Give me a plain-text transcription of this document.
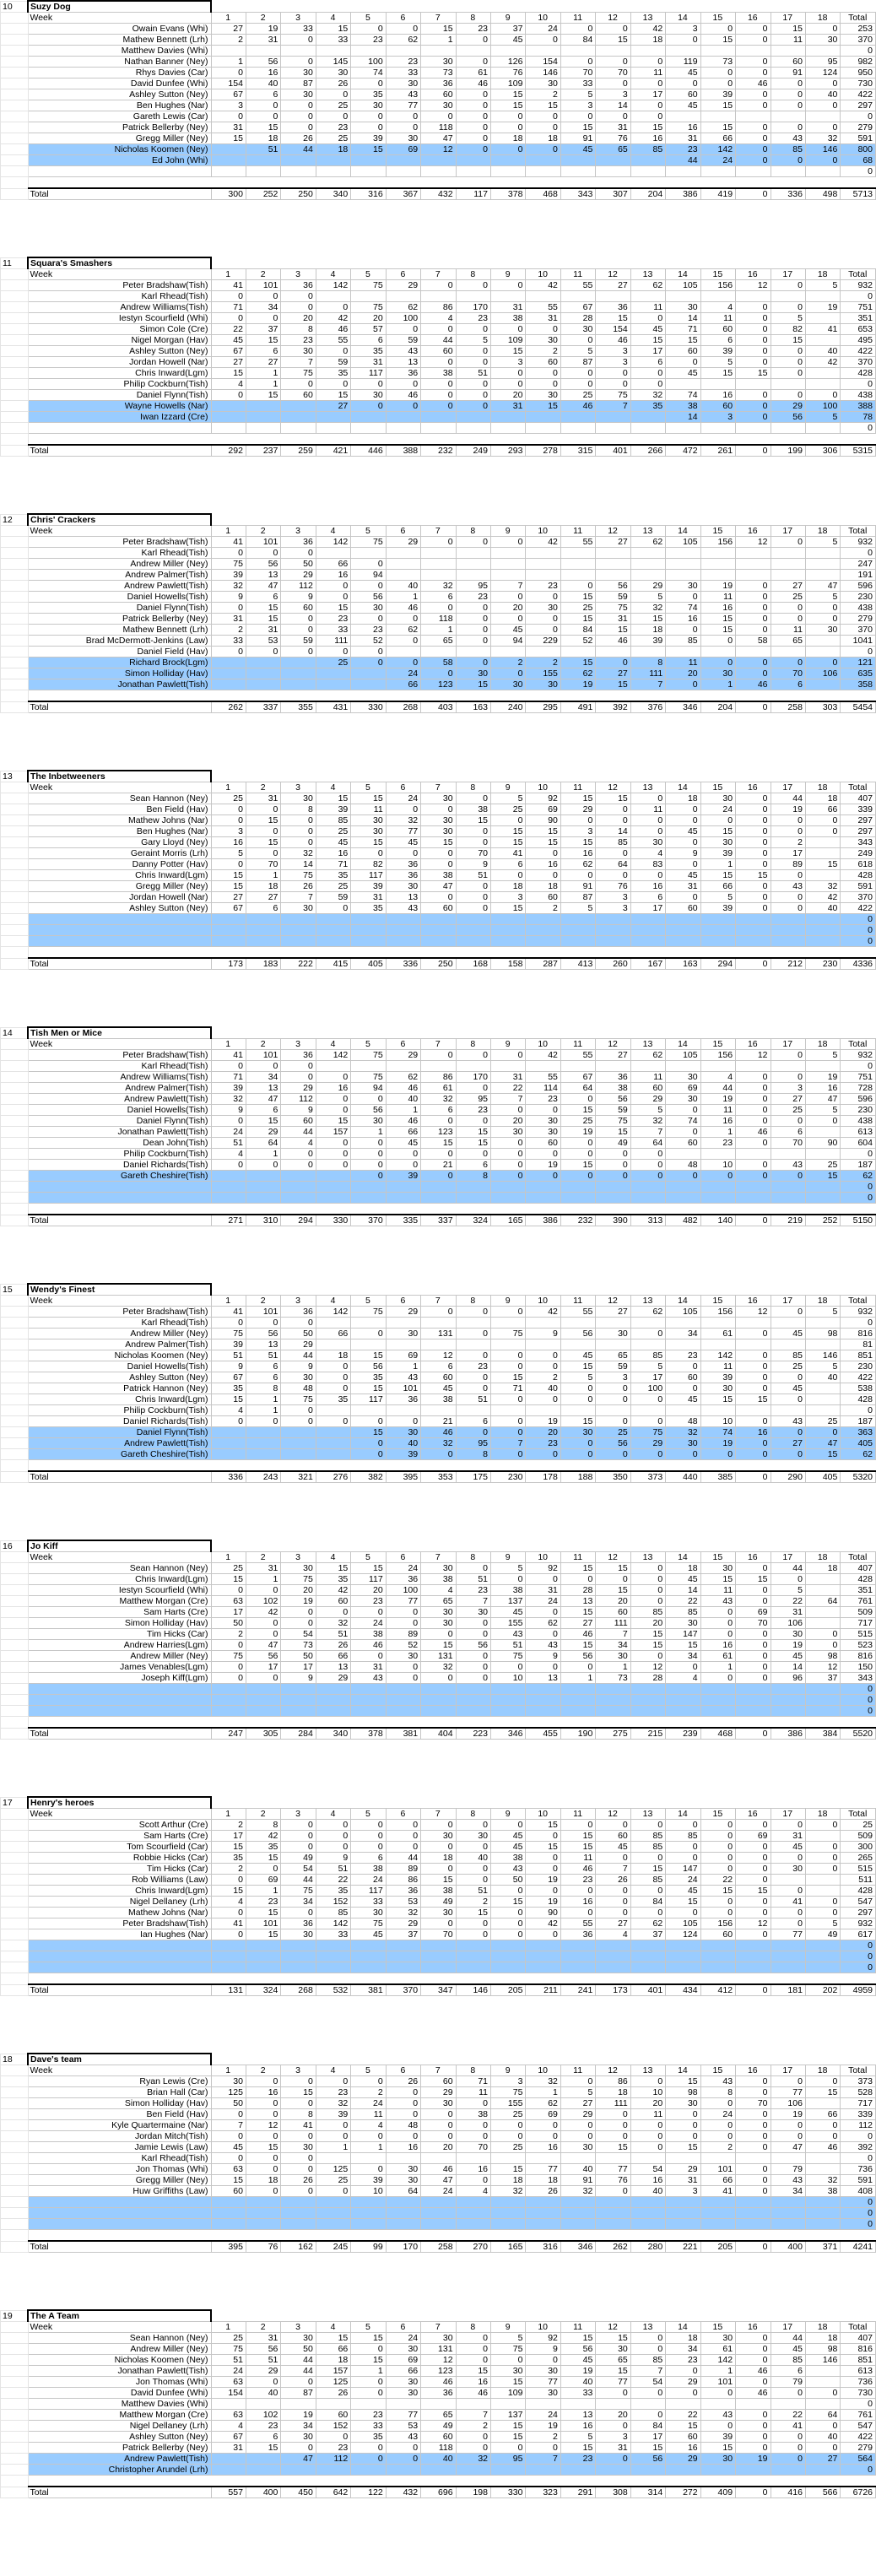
10	Suzy Dog																			
	Week	1	2	3	4	5	6	7	8	9	10	11	12	13	14	15	16	17	18	Total
	Owain Evans (Whi)	27	19	33	15	0	0	15	23	37	24	0	0	42	3	0	0	15	0	253
	Mathew Bennett (Lrh)	2	31	0	33	23	62	1	0	45	0	84	15	18	0	15	0	11	30	370
	Matthew Davies (Whi)																			0
	Nathan Banner (Ney)	1	56	0	145	100	23	30	0	126	154	0	0	0	119	73	0	60	95	982
	Rhys Davies (Car)	0	16	30	30	74	33	73	61	76	146	70	70	11	45	0	0	91	124	950
	David Dunfee (Whi)	154	40	87	26	0	30	36	46	109	30	33	0	0	0	0	46	0	0	730
	Ashley Sutton (Ney)	67	6	30	0	35	43	60	0	15	2	5	3	17	60	39	0	0	40	422
	Ben Hughes (Nar)	3	0	0	25	30	77	30	0	15	15	3	14	0	45	15	0	0	0	297
	Gareth Lewis (Car)	0	0	0	0	0	0	0	0	0	0	0	0	0						0
	Patrick Bellerby (Ney)	31	15	0	23	0	0	118	0	0	0	15	31	15	16	15	0	0	0	279
	Gregg Miller (Ney)	15	18	26	25	39	30	47	0	18	18	91	76	16	31	66	0	43	32	591
	Nicholas Koomen (Ney)		51	44	18	15	69	12	0	0	0	45	65	85	23	142	0	85	146	800
	Ed John (Whi)														44	24	0	0	0	68
																				0

	Total	300	252	250	340	316	367	432	117	378	468	343	307	204	386	419	0	336	498	5713
11	Squara's Smashers																			
	Week	1	2	3	4	5	6	7	8	9	10	11	12	13	14	15	16	17	18	Total
	Peter Bradshaw(Tish)	41	101	36	142	75	29	0	0	0	42	55	27	62	105	156	12	0	5	932
	Karl Rhead(Tish)	0	0	0																0
	Andrew Williams(Tish)	71	34	0	0	75	62	86	170	31	55	67	36	11	30	4	0	0	19	751
	Iestyn Scourfield (Whi)	0	0	20	42	20	100	4	23	38	31	28	15	0	14	11	0	5		351
	Simon Cole (Cre)	22	37	8	46	57	0	0	0	0	0	30	154	45	71	60	0	82	41	653
	Nigel Morgan (Hav)	45	15	23	55	6	59	44	5	109	30	0	46	15	15	6	0	15		495
	Ashley Sutton (Ney)	67	6	30	0	35	43	60	0	15	2	5	3	17	60	39	0	0	40	422
	Jordan Howell (Nar)	27	27	7	59	31	13	0	0	3	60	87	3	6	0	5	0	0	42	370
	Chris Inward(Lgm)	15	1	75	35	117	36	38	51	0	0	0	0	0	45	15	15	0		428
	Philip Cockburn(Tish)	4	1	0	0	0	0	0	0	0	0	0	0	0						0
	Daniel Flynn(Tish)	0	15	60	15	30	46	0	0	20	30	25	75	32	74	16	0	0	0	438
	Wayne Howells (Nar)				27	0	0	0	0	31	15	46	7	35	38	60	0	29	100	388
	Iwan Izzard (Cre)														14	3	0	56	5	78
																				0

	Total	292	237	259	421	446	388	232	249	293	278	315	401	266	472	261	0	199	306	5315
12	Chris' Crackers																			
	Week	1	2	3	4	5	6	7	8	9	10	11	12	13	14	15	16	17	18	Total
	Peter Bradshaw(Tish)	41	101	36	142	75	29	0	0	0	42	55	27	62	105	156	12	0	5	932
	Karl Rhead(Tish)	0	0	0																0
	Andrew Miller (Ney)	75	56	50	66	0														247
	Andrew Palmer(Tish)	39	13	29	16	94														191
	Andrew Pawlett(Tish)	32	47	112	0	0	40	32	95	7	23	0	56	29	30	19	0	27	47	596
	Daniel Howells(Tish)	9	6	9	0	56	1	6	23	0	0	15	59	5	0	11	0	25	5	230
	Daniel Flynn(Tish)	0	15	60	15	30	46	0	0	20	30	25	75	32	74	16	0	0	0	438
	Patrick Bellerby (Ney)	31	15	0	23	0	0	118	0	0	0	15	31	15	16	15	0	0	0	279
	Mathew Bennett (Lrh)	2	31	0	33	23	62	1	0	45	0	84	15	18	0	15	0	11	30	370
	Brad McDermott-Jenkins (Law)	33	53	59	111	52	0	65	0	94	229	52	46	39	85	0	58	65		1041
	Daniel Field (Hav)	0	0	0	0	0														0
	Richard Brock(Lgm)				25	0	0	58	0	2	2	15	0	8	11	0	0	0	0	121
	Simon Holliday (Hav)						24	0	30	0	155	62	27	111	20	30	0	70	106	635
	Jonathan Pawlett(Tish)						66	123	15	30	30	19	15	7	0	1	46	6		358

	Total	262	337	355	431	330	268	403	163	240	295	491	392	376	346	204	0	258	303	5454
13	The Inbetweeners																			
	Week	1	2	3	4	5	6	7	8	9	10	11	12	13	14	15	16	17	18	Total
	Sean Hannon (Ney)	25	31	30	15	15	24	30	0	5	92	15	15	0	18	30	0	44	18	407
	Ben Field (Hav)	0	0	8	39	11	0	0	38	25	69	29	0	11	0	24	0	19	66	339
	Mathew Johns (Nar)	0	15	0	85	30	32	30	15	0	90	0	0	0	0	0	0	0	0	297
	Ben Hughes (Nar)	3	0	0	25	30	77	30	0	15	15	3	14	0	45	15	0	0	0	297
	Gary Lloyd (Ney)	16	15	0	45	15	45	15	0	15	15	15	85	30	0	30	0	2		343
	Geraint Morris (Lrh)	5	0	32	16	0	0	0	70	41	0	16	0	4	9	39	0	17		249
	Danny Potter (Hav)	0	70	14	71	82	36	0	9	6	16	62	64	83	0	1	0	89	15	618
	Chris Inward(Lgm)	15	1	75	35	117	36	38	51	0	0	0	0	0	45	15	15	0		428
	Gregg Miller (Ney)	15	18	26	25	39	30	47	0	18	18	91	76	16	31	66	0	43	32	591
	Jordan Howell (Nar)	27	27	7	59	31	13	0	0	3	60	87	3	6	0	5	0	0	42	370
	Ashley Sutton (Ney)	67	6	30	0	35	43	60	0	15	2	5	3	17	60	39	0	0	40	422
																				0
																				0
																				0

	Total	173	183	222	415	405	336	250	168	158	287	413	260	167	163	294	0	212	230	4336
14	Tish Men or Mice																			
	Week	1	2	3	4	5	6	7	8	9	10	11	12	13	14	15	16	17	18	Total
	Peter Bradshaw(Tish)	41	101	36	142	75	29	0	0	0	42	55	27	62	105	156	12	0	5	932
	Karl Rhead(Tish)	0	0	0																0
	Andrew Williams(Tish)	71	34	0	0	75	62	86	170	31	55	67	36	11	30	4	0	0	19	751
	Andrew Palmer(Tish)	39	13	29	16	94	46	61	0	22	114	64	38	60	69	44	0	3	16	728
	Andrew Pawlett(Tish)	32	47	112	0	0	40	32	95	7	23	0	56	29	30	19	0	27	47	596
	Daniel Howells(Tish)	9	6	9	0	56	1	6	23	0	0	15	59	5	0	11	0	25	5	230
	Daniel Flynn(Tish)	0	15	60	15	30	46	0	0	20	30	25	75	32	74	16	0	0	0	438
	Jonathan Pawlett(Tish)	24	29	44	157	1	66	123	15	30	30	19	15	7	0	1	46	6		613
	Dean John(Tish)	51	64	4	0	0	45	15	15	0	60	0	49	64	60	23	0	70	90	604
	Philip Cockburn(Tish)	4	1	0	0	0	0	0	0	0	0	0	0	0						0
	Daniel Richards(Tish)	0	0	0	0	0	0	21	6	0	19	15	0	0	48	10	0	43	25	187
	Gareth Cheshire(Tish)					0	39	0	8	0	0	0	0	0	0	0	0	0	15	62
																				0
																				0

	Total	271	310	294	330	370	335	337	324	165	386	232	390	313	482	140	0	219	252	5150
15	Wendy's Finest																			
	Week	1	2	3	4	5	6	7	8	9	10	11	12	13	14	15	16	17	18	Total
	Peter Bradshaw(Tish)	41	101	36	142	75	29	0	0	0	42	55	27	62	105	156	12	0	5	932
	Karl Rhead(Tish)	0	0	0																0
	Andrew Miller (Ney)	75	56	50	66	0	30	131	0	75	9	56	30	0	34	61	0	45	98	816
	Andrew Palmer(Tish)	39	13	29																81
	Nicholas Koomen (Ney)	51	51	44	18	15	69	12	0	0	0	45	65	85	23	142	0	85	146	851
	Daniel Howells(Tish)	9	6	9	0	56	1	6	23	0	0	15	59	5	0	11	0	25	5	230
	Ashley Sutton (Ney)	67	6	30	0	35	43	60	0	15	2	5	3	17	60	39	0	0	40	422
	Patrick Hannon (Ney)	35	8	48	0	15	101	45	0	71	40	0	0	100	0	30	0	45		538
	Chris Inward(Lgm)	15	1	75	35	117	36	38	51	0	0	0	0	0	45	15	15	0		428
	Philip Cockburn(Tish)	4	1	0																0
	Daniel Richards(Tish)	0	0	0	0	0	0	21	6	0	19	15	0	0	48	10	0	43	25	187
	Daniel Flynn(Tish)					15	30	46	0	0	20	30	25	75	32	74	16	0	0	363
	Andrew Pawlett(Tish)					0	40	32	95	7	23	0	56	29	30	19	0	27	47	405
	Gareth Cheshire(Tish)					0	39	0	8	0	0	0	0	0	0	0	0	0	15	62

	Total	336	243	321	276	382	395	353	175	230	178	188	350	373	440	385	0	290	405	5320
16	Jo Kiff																			
	Week	1	2	3	4	5	6	7	8	9	10	11	12	13	14	15	16	17	18	Total
	Sean Hannon (Ney)	25	31	30	15	15	24	30	0	5	92	15	15	0	18	30	0	44	18	407
	Chris Inward(Lgm)	15	1	75	35	117	36	38	51	0	0	0	0	0	45	15	15	0		428
	Iestyn Scourfield (Whi)	0	0	20	42	20	100	4	23	38	31	28	15	0	14	11	0	5		351
	Matthew Morgan (Cre)	63	102	19	60	23	77	65	7	137	24	13	20	0	22	43	0	22	64	761
	Sam Harts (Cre)	17	42	0	0	0	0	30	30	45	0	15	60	85	85	0	69	31		509
	Simon Holliday (Hav)	50	0	0	32	24	0	30	0	155	62	27	111	20	30	0	70	106		717
	Tim Hicks (Car)	2	0	54	51	38	89	0	0	43	0	46	7	15	147	0	0	30	0	515
	Andrew Harries(Lgm)	0	47	73	26	46	52	15	56	51	43	15	34	15	15	16	0	19	0	523
	Andrew Miller (Ney)	75	56	50	66	0	30	131	0	75	9	56	30	0	34	61	0	45	98	816
	James Venables(Lgm)	0	17	17	13	31	0	32	0	0	0	0	1	12	0	1	0	14	12	150
	Joseph Kiff(Lgm)	0	0	9	29	43	0	0	0	10	13	1	73	28	4	0	0	96	37	343
																				0
																				0
																				0

	Total	247	305	284	340	378	381	404	223	346	455	190	275	215	239	468	0	386	384	5520
17	Henry's heroes																			
	Week	1	2	3	4	5	6	7	8	9	10	11	12	13	14	15	16	17	18	Total
	Scott Arthur (Cre)	2	8	0	0	0	0	0	0	0	15	0	0	0	0	0	0	0	0	25
	Sam Harts (Cre)	17	42	0	0	0	0	30	30	45	0	15	60	85	85	0	69	31		509
	Tom Scourfield (Car)	15	35	0	0	0	0	0	0	45	15	15	45	85	0	0	0	45	0	300
	Robbie Hicks (Car)	35	15	49	9	6	44	18	40	38	0	11	0	0	0	0	0	0	0	265
	Tim Hicks (Car)	2	0	54	51	38	89	0	0	43	0	46	7	15	147	0	0	30	0	515
	Rob Williams (Law)	0	69	44	22	24	86	15	0	50	19	23	26	85	24	22	0			511
	Chris Inward(Lgm)	15	1	75	35	117	36	38	51	0	0	0	0	0	45	15	15	0		428
	Nigel Dellaney (Lrh)	4	23	34	152	33	53	49	2	15	19	16	0	84	15	0	0	41	0	547
	Mathew Johns (Nar)	0	15	0	85	30	32	30	15	0	90	0	0	0	0	0	0	0	0	297
	Peter Bradshaw(Tish)	41	101	36	142	75	29	0	0	0	42	55	27	62	105	156	12	0	5	932
	Ian Hughes (Nar)	0	15	30	33	45	37	70	0	0	0	36	4	37	124	60	0	77	49	617
																				0
																				0
																				0

	Total	131	324	268	532	381	370	347	146	205	211	241	173	401	434	412	0	181	202	4959
18	Dave's team																			
	Week	1	2	3	4	5	6	7	8	9	10	11	12	13	14	15	16	17	18	Total
	Ryan Lewis (Cre)	30	0	0	0	0	26	60	71	3	32	0	86	0	15	43	0	0	0	373
	Brian Hall (Car)	125	16	15	23	2	0	29	11	75	1	5	18	10	98	8	0	77	15	528
	Simon Holliday (Hav)	50	0	0	32	24	0	30	0	155	62	27	111	20	30	0	70	106		717
	Ben Field (Hav)	0	0	8	39	11	0	0	38	25	69	29	0	11	0	24	0	19	66	339
	Kyle Quartermaine (Nar)	7	12	41	0	4	48	0	0	0	0	0	0	0	0	0	0	0	0	112
	Jordan Mitch(Tish)	0	0	0	0	0	0	0	0	0	0	0	0	0	0	0	0	0	0	0
	Jamie Lewis (Law)	45	15	30	1	1	16	20	70	25	16	30	15	0	15	2	0	47	46	392
	Karl Rhead(Tish)	0	0	0																0
	Jon Thomas (Whi)	63	0	0	125	0	30	46	16	15	77	40	77	54	29	101	0	79		736
	Gregg Miller (Ney)	15	18	26	25	39	30	47	0	18	18	91	76	16	31	66	0	43	32	591
	Huw Griffiths (Law)	60	0	0	0	10	64	24	4	32	26	32	0	40	3	41	0	34	38	408
																				0
																				0
																				0

	Total	395	76	162	245	99	170	258	270	165	316	346	262	280	221	205	0	400	371	4241
19	The A Team																			
	Week	1	2	3	4	5	6	7	8	9	10	11	12	13	14	15	16	17	18	Total
	Sean Hannon (Ney)	25	31	30	15	15	24	30	0	5	92	15	15	0	18	30	0	44	18	407
	Andrew Miller (Ney)	75	56	50	66	0	30	131	0	75	9	56	30	0	34	61	0	45	98	816
	Nicholas Koomen (Ney)	51	51	44	18	15	69	12	0	0	0	45	65	85	23	142	0	85	146	851
	Jonathan Pawlett(Tish)	24	29	44	157	1	66	123	15	30	30	19	15	7	0	1	46	6		613
	Jon Thomas (Whi)	63	0	0	125	0	30	46	16	15	77	40	77	54	29	101	0	79		736
	David Dunfee (Whi)	154	40	87	26	0	30	36	46	109	30	33	0	0	0	0	46	0	0	730
	Matthew Davies (Whi)																			0
	Matthew Morgan (Cre)	63	102	19	60	23	77	65	7	137	24	13	20	0	22	43	0	22	64	761
	Nigel Dellaney (Lrh)	4	23	34	152	33	53	49	2	15	19	16	0	84	15	0	0	41	0	547
	Ashley Sutton (Ney)	67	6	30	0	35	43	60	0	15	2	5	3	17	60	39	0	0	40	422
	Patrick Bellerby (Ney)	31	15	0	23	0	0	118	0	0	0	15	31	15	16	15	0	0	0	279
	Andrew Pawlett(Tish)			47	112	0	0	40	32	95	7	23	0	56	29	30	19	0	27	564
	Christopher Arundel (Lrh)																			0

	Total	557	400	450	642	122	432	696	198	330	323	291	308	314	272	409	0	416	566	6726
